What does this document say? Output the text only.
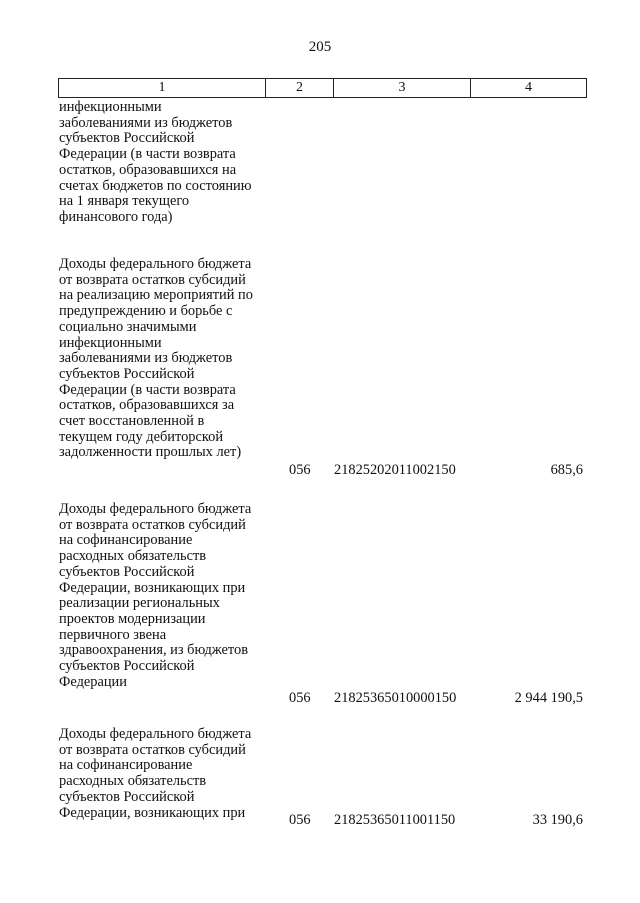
205
1	2	3	4

инфекционными

заболеваниями из бюджетов

субъектов Российской

Федерации (в части возврата

остатков, образовавшихся на

счетах бюджетов по состоянию

на 1 января текущего

финансового года)

Доходы федерального бюджета

от возврата остатков субсидий

на реализацию мероприятий по

предупреждению и борьбе с

социально значимыми

инфекционными

заболеваниями из бюджетов

субъектов Российской

Федерации (в части возврата

остатков, образовавшихся за

счет восстановленной в

текущем году дебиторской

задолженности прошлых лет)

056 21825202011002150	685,6

Доходы федерального бюджета

от возврата остатков субсидий

на софинансирование

расходных обязательств

субъектов Российской

Федерации, возникающих при

реализации региональных

проектов модернизации

первичного звена

здравоохранения, из бюджетов

субъектов Российской

Федерации

056 21825365010000150	2 944 190,5

Доходы федерального бюджета

от возврата остатков субсидий

на софинансирование

расходных обязательств

субъектов Российской

Федерации, возникающих при	056 21825365011001150	33 190,6
